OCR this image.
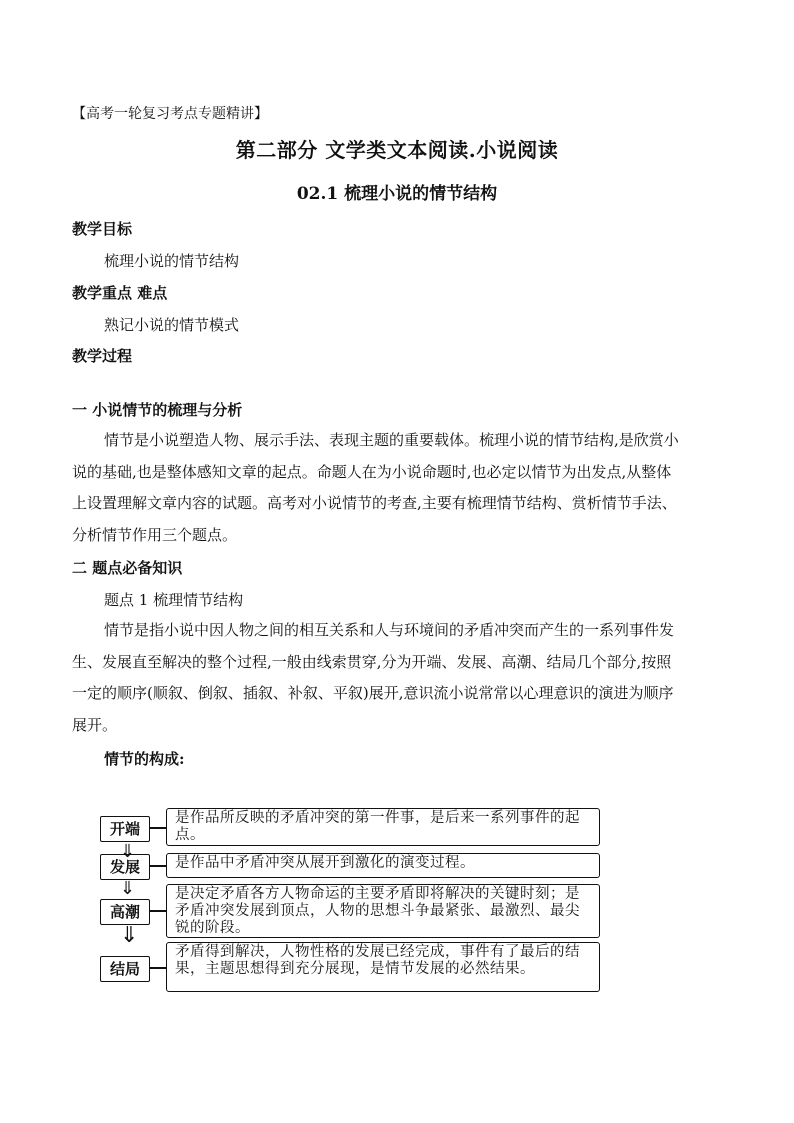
【高考一轮复习考点专题精讲】
第二部分 文学类文本阅读.小说阅读
02.1 梳理小说的情节结构
教学目标
梳理小说的情节结构
教学重点 难点
熟记小说的情节模式
教学过程
一 小说情节的梳理与分析
情节是小说塑造人物、展示手法、表现主题的重要载体。梳理小说的情节结构,是欣赏小
说的基础,也是整体感知文章的起点。命题人在为小说命题时,也必定以情节为出发点,从整体
上设置理解文章内容的试题。高考对小说情节的考查,主要有梳理情节结构、赏析情节手法、
分析情节作用三个题点。
二 题点必备知识
题点 1 梳理情节结构
情节是指小说中因人物之间的相互关系和人与环境间的矛盾冲突而产生的一系列事件发
生、发展直至解决的整个过程,一般由线索贯穿,分为开端、发展、高潮、结局几个部分,按照
一定的顺序(顺叙、倒叙、插叙、补叙、平叙)展开,意识流小说常常以心理意识的演进为顺序
展开。
情节的构成:
是作品所反映的矛盾冲突的第一件事，是后来一系列事件的起点。
开端
⇓
是作品中矛盾冲突从展开到激化的演变过程。
发展
⇓	是决定矛盾各方人物命运的主要矛盾即将解决的关键时刻；是矛盾冲突发展到顶点，人物的思想斗争最紧张、最激烈、最尖锐的阶段。
高潮
⇓
矛盾得到解决，人物性格的发展已经完成，事件有了最后的结果，主题思想得到充分展现，是情节发展的必然结果。
结局
